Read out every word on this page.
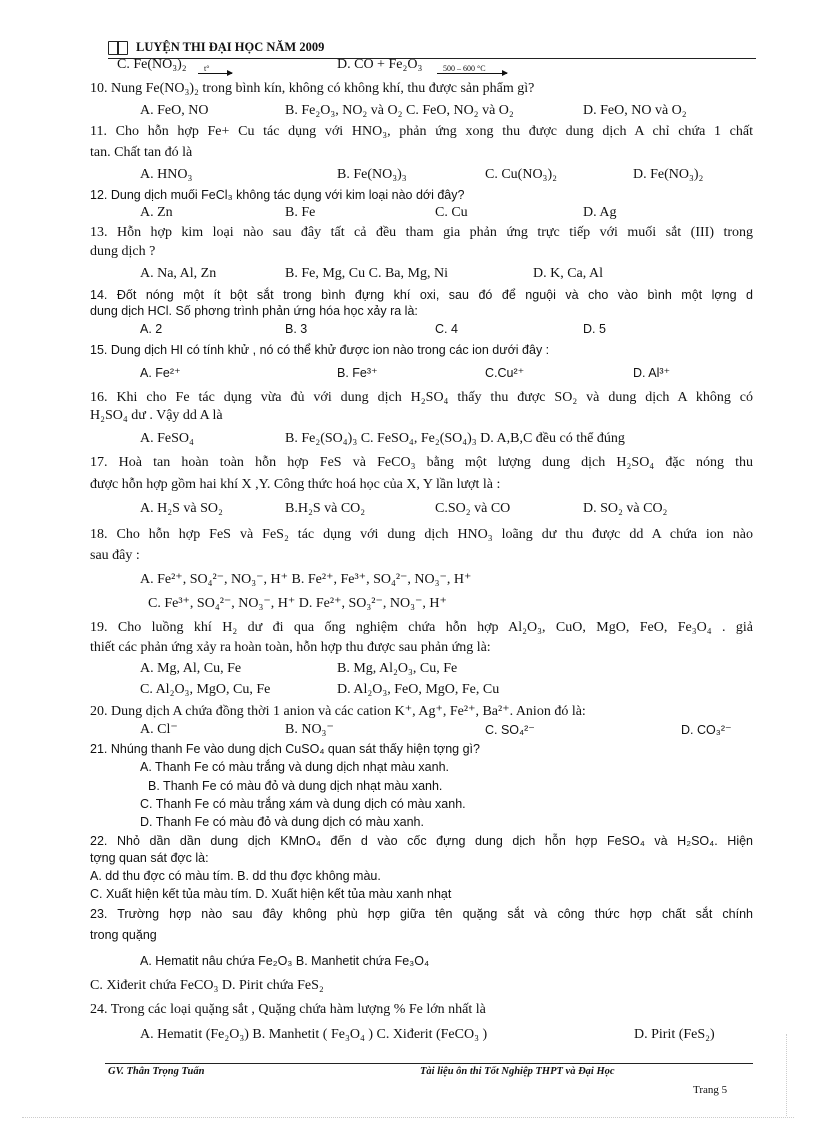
LUYỆN THI ĐẠI HỌC NĂM 2009
C. Fe(NO₃)₂	D. CO + Fe₂O₃
10. Nung Fe(NO₃)₂ trong bình kín, không có không khí, thu được sản phẩm gì?
A. FeO, NO	B. Fe₂O₃, NO₂ và O₂ C. FeO, NO₂ và O₂	D. FeO, NO và O₂
11. Cho hỗn hợp Fe+ Cu tác dụng với HNO₃, phản ứng xong thu được dung dịch A chỉ chứa 1 chất
tan. Chất tan đó là
A. HNO₃	B. Fe(NO₃)₃	C. Cu(NO₃)₂	D. Fe(NO₃)₂
12. Dung dịch muối FeCl₃ không tác dụng với kim loại nào dới đây?
A. Zn	B. Fe	C. Cu	D. Ag
13. Hỗn hợp kim loại nào sau đây tất cả đều tham gia phản ứng trực tiếp với muối sắt (III) trong
dung dịch ?
A. Na, Al, Zn	B. Fe, Mg, Cu C. Ba, Mg, Ni	D. K, Ca, Al
14. Đốt nóng một ít bột sắt trong bình đựng khí oxi, sau đó để nguội và cho vào bình một lợng d
dung dịch HCl. Số phơng trình phản ứng hóa học xảy ra là:
A. 2	B. 3	C. 4	D. 5
15. Dung dịch HI có tính khử , nó có thể khử được ion nào trong các ion dưới đây :
A. Fe²⁺	B. Fe³⁺	C.Cu²⁺	D. Al³⁺
16. Khi cho Fe tác dụng vừa đủ với dung dịch H₂SO₄ thấy thu được SO₂ và dung dịch A không có
H₂SO₄ dư . Vậy dd A là
A. FeSO₄	B. Fe₂(SO₄)₃ C. FeSO₄, Fe₂(SO₄)₃ D. A,B,C đều có thể đúng
17. Hoà tan hoàn toàn hỗn hợp FeS và FeCO₃ bằng một lượng dung dịch H₂SO₄ đặc nóng thu
được hỗn hợp gồm hai khí X ,Y. Công thức hoá học của X, Y lần lượt là :
A. H₂S và SO₂	B.H₂S và CO₂	C.SO₂ và CO	D. SO₂ và CO₂
18. Cho hỗn hợp FeS và FeS₂ tác dụng với dung dịch HNO₃ loãng dư thu được dd A chứa ion nào
sau đây :
A. Fe²⁺, SO₄²⁻, NO₃⁻, H⁺ B. Fe²⁺, Fe³⁺, SO₄²⁻, NO₃⁻, H⁺
C. Fe³⁺, SO₄²⁻, NO₃⁻, H⁺ D. Fe²⁺, SO₃²⁻, NO₃⁻, H⁺
19. Cho luồng khí H₂ dư đi qua ống nghiệm chứa hỗn hợp Al₂O₃, CuO, MgO, FeO, Fe₃O₄ . giả
thiết các phản ứng xảy ra hoàn toàn, hỗn hợp thu được sau phản ứng là:
A. Mg, Al, Cu, Fe	B. Mg, Al₂O₃, Cu, Fe
C. Al₂O₃, MgO, Cu, Fe	D. Al₂O₃, FeO, MgO, Fe, Cu
20. Dung dịch A chứa đồng thời 1 anion và các cation K⁺, Ag⁺, Fe²⁺, Ba²⁺. Anion đó là:
A. Cl⁻	B. NO₃⁻	C. SO₄²⁻	D. CO₃²⁻
21. Nhúng thanh Fe vào dung dịch CuSO₄ quan sát thấy hiện tợng gì?
A. Thanh Fe có màu trắng và dung dịch nhạt màu xanh.
B. Thanh Fe có màu đỏ và dung dịch nhạt màu xanh.
C. Thanh Fe có màu trắng xám và dung dịch có màu xanh.
D. Thanh Fe có màu đỏ và dung dịch có màu xanh.
22. Nhỏ dần dần dung dịch KMnO₄ đến d vào cốc đựng dung dịch hỗn hợp FeSO₄ và H₂SO₄. Hiện
tợng quan sát đợc là:
A. dd thu đợc có màu tím. B. dd thu đợc không màu.
C. Xuất hiện kết tủa màu tím. D. Xuất hiện kết tủa màu xanh nhạt
23. Trường hợp nào sau đây không phù hợp giữa tên quặng sắt và công thức hợp chất sắt chính
trong quặng
A. Hematit nâu chứa Fe₂O₃ B. Manhetit chứa Fe₃O₄
C. Xiđerit chứa FeCO₃ D. Pirit chứa FeS₂
24. Trong các loại quặng sắt , Quặng chứa hàm lượng % Fe lớn nhất là
A. Hematit (Fe₂O₃) B. Manhetit ( Fe₃O₄ ) C. Xiđerit (FeCO₃ )	D. Pirit (FeS₂)
t°	500 – 600 °C
GV. Thân Trọng Tuấn	Tài liệu ôn thi Tốt Nghiệp THPT và Đại Học
Trang 5
